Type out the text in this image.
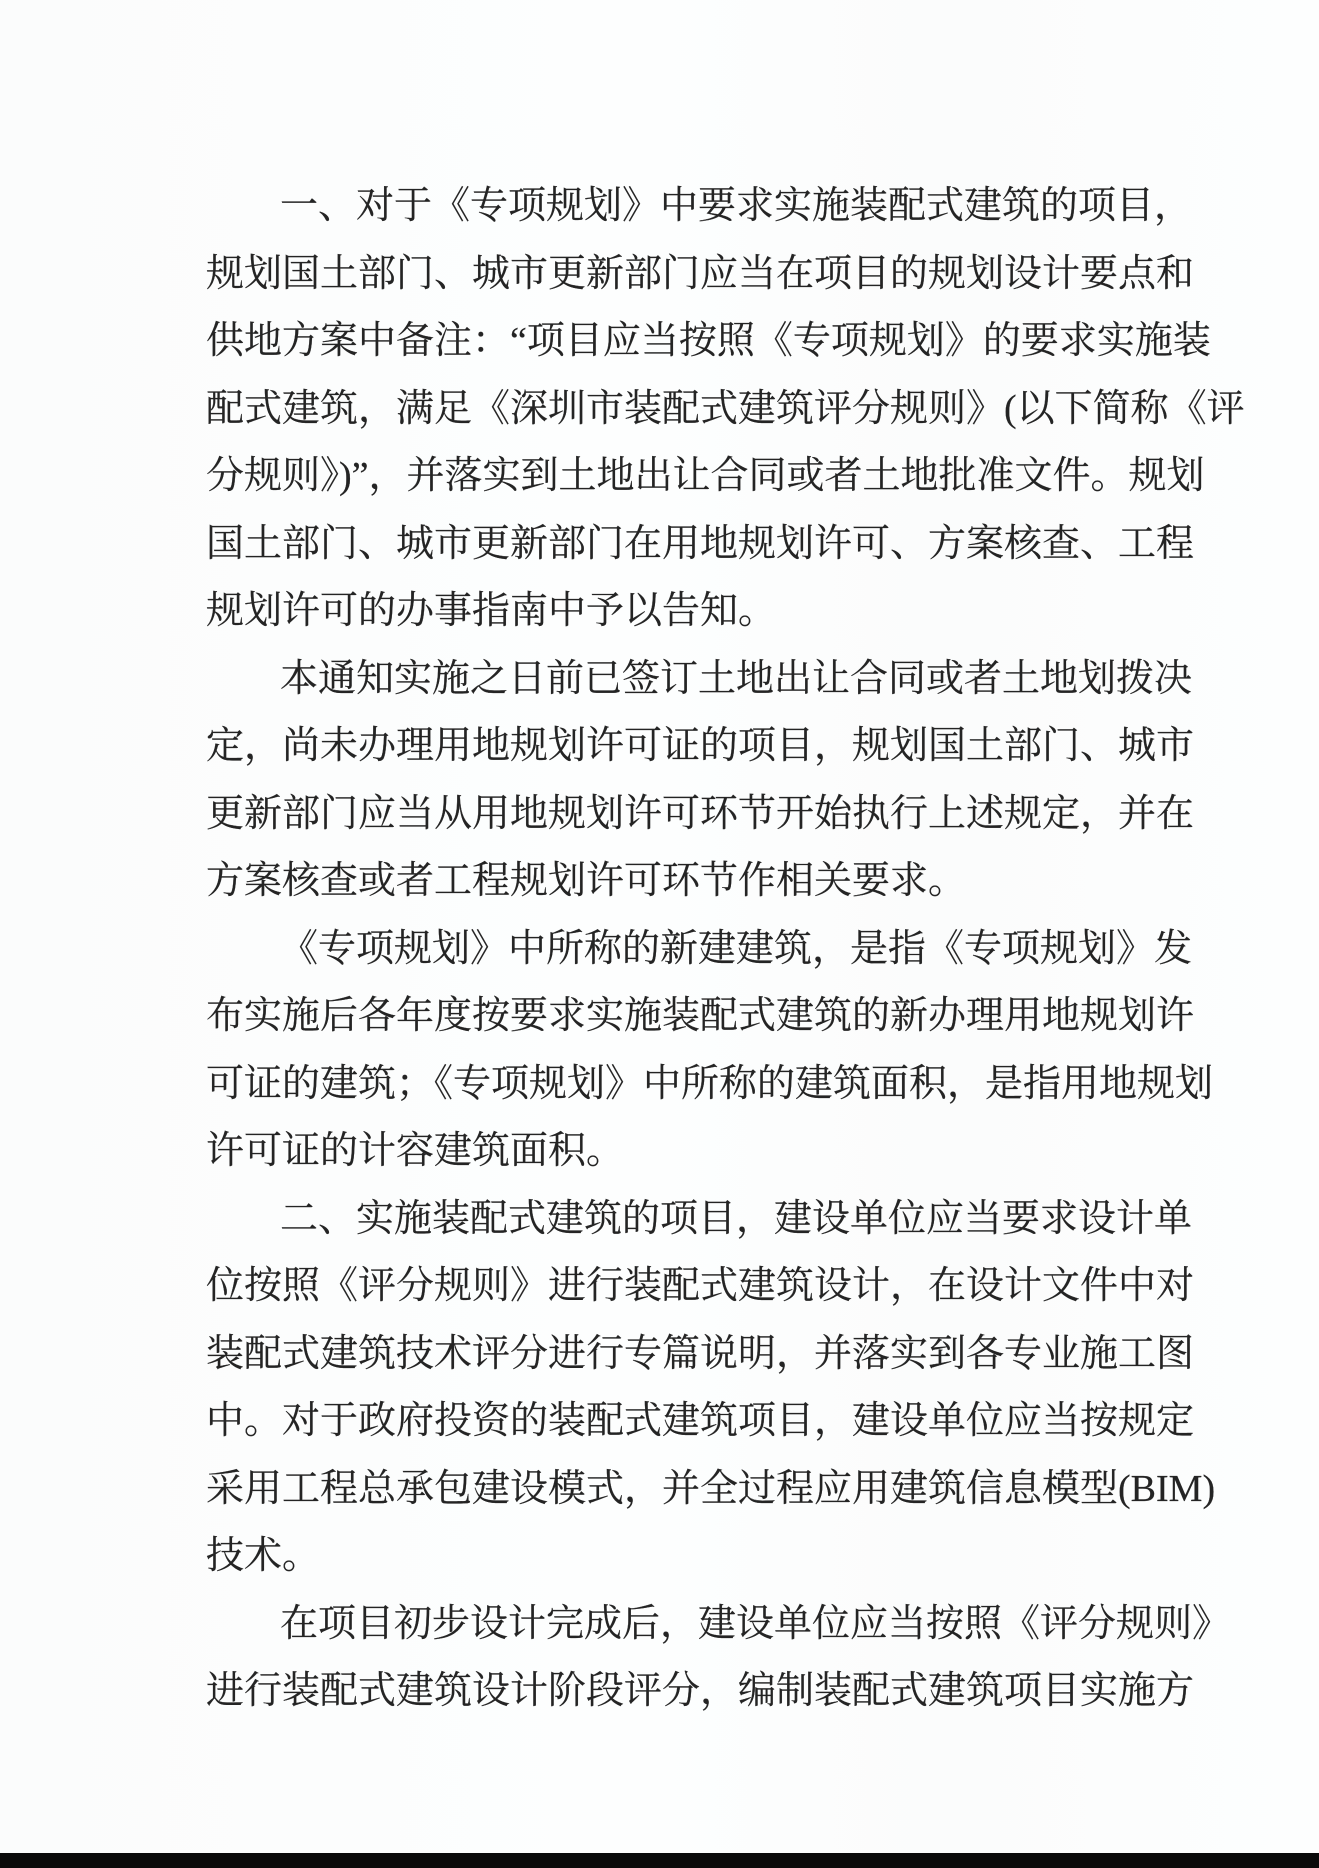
一、对于《专项规划》中要求实施装配式建筑的项目，
规划国土部门、城市更新部门应当在项目的规划设计要点和
供地方案中备注：“项目应当按照《专项规划》的要求实施装
配式建筑，满足《深圳市装配式建筑评分规则》(以下简称《评
分规则》)”，并落实到土地出让合同或者土地批准文件。规划
国土部门、城市更新部门在用地规划许可、方案核查、工程
规划许可的办事指南中予以告知。
本通知实施之日前已签订土地出让合同或者土地划拨决
定，尚未办理用地规划许可证的项目，规划国土部门、城市
更新部门应当从用地规划许可环节开始执行上述规定，并在
方案核查或者工程规划许可环节作相关要求。
《专项规划》中所称的新建建筑，是指《专项规划》发
布实施后各年度按要求实施装配式建筑的新办理用地规划许
可证的建筑；《专项规划》中所称的建筑面积，是指用地规划
许可证的计容建筑面积。
二、实施装配式建筑的项目，建设单位应当要求设计单
位按照《评分规则》进行装配式建筑设计，在设计文件中对
装配式建筑技术评分进行专篇说明，并落实到各专业施工图
中。对于政府投资的装配式建筑项目，建设单位应当按规定
采用工程总承包建设模式，并全过程应用建筑信息模型(BIM)
技术。
在项目初步设计完成后，建设单位应当按照《评分规则》
进行装配式建筑设计阶段评分，编制装配式建筑项目实施方
